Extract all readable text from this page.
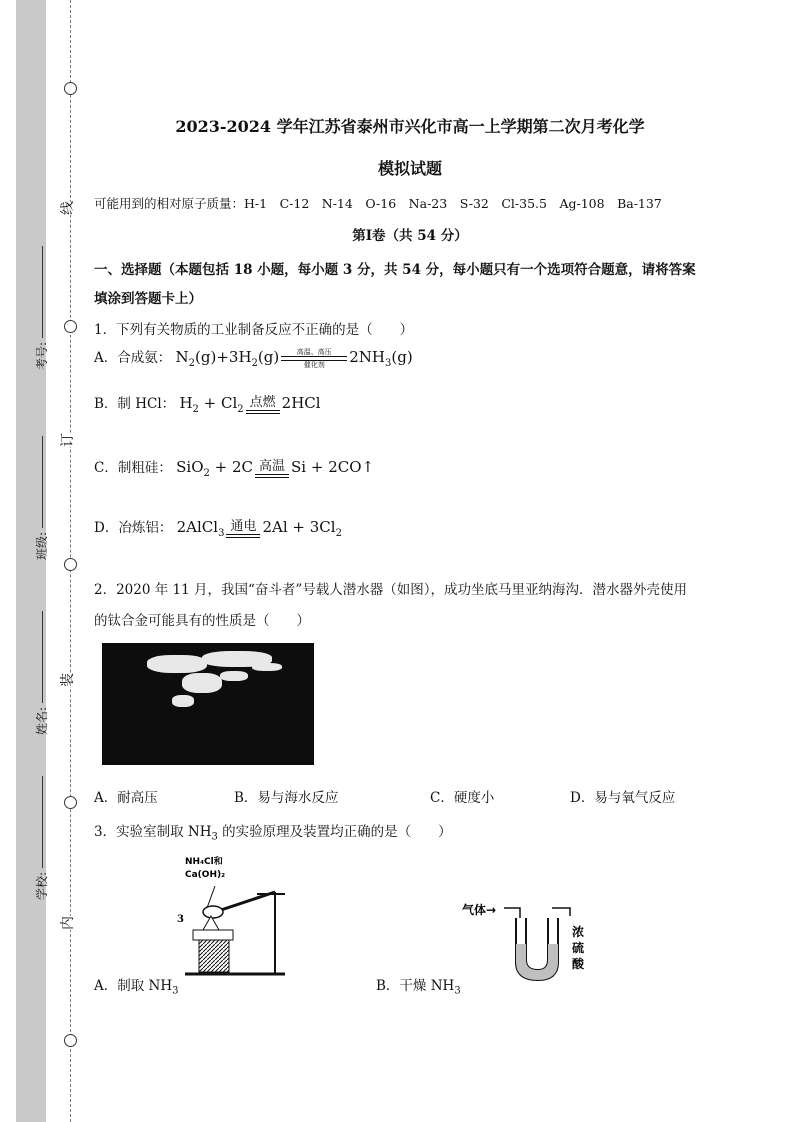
线
订
装
内
考号:
班级:
姓名:
学校:
2023-2024 学年江苏省泰州市兴化市高一上学期第二次月考化学
模拟试题
可能用到的相对原子质量：H-1　C-12　N-14　O-16　Na-23　S-32　Cl-35.5　Ag-108　Ba-137
第Ⅰ卷（共 54 分）
一、选择题（本题包括 18 小题，每小题 3 分，共 54 分，每小题只有一个选项符合题意，请将答案
填涂到答题卡上）
1．下列有关物质的工业制备反应不正确的是（　　）
A．合成氨： $N_2(g)+3H_2(g)$	高温、高压
催化剂 $2NH_3(g)$
B．制 HCl： $H_2 + Cl_2$ 点燃 2HCl
C．制粗硅： SiO$_2$ + 2C 高温 Si + 2CO↑
D．冶炼铝： 2AlCl$_3$ 通电 $2Al + 3Cl_2$
2．2020 年 11 月，我国“奋斗者”号载人潜水器（如图），成功坐底马里亚纳海沟．潜水器外壳使用
的钛合金可能具有的性质是（　　）
A．耐高压	B．易与海水反应	C．硬度小	D．易与氧气反应
3．实验室制取 $NH_3$ 的实验原理及装置均正确的是（　　）
NH₄Cl和
Ca(OH)₂
3
气体→
浓
硫
酸
A．制取 $NH_3$	B．干燥 $NH_3$
